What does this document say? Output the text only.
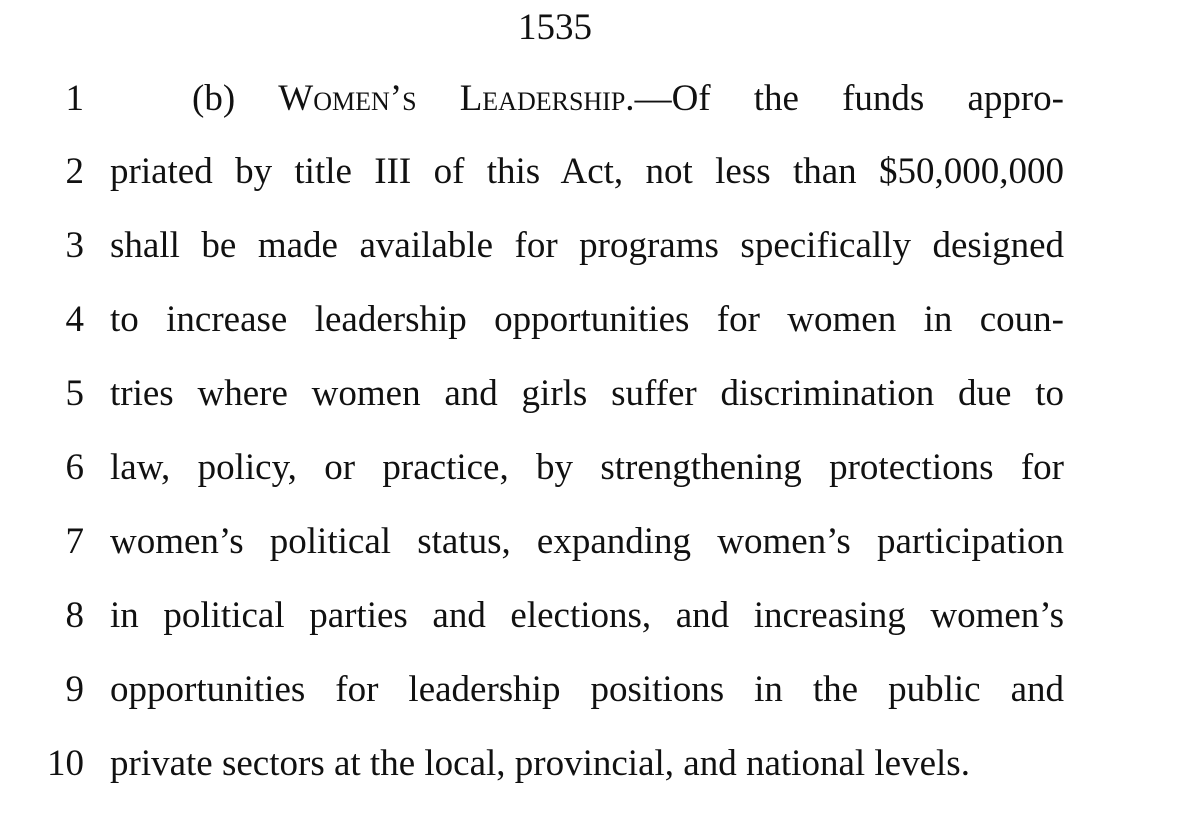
1535
1	(b) Women’s Leadership.—Of the funds appro-
2 priated by title III of this Act, not less than $50,000,000
3 shall be made available for programs specifically designed
4 to increase leadership opportunities for women in coun-
5 tries where women and girls suffer discrimination due to
6 law, policy, or practice, by strengthening protections for
7 women’s political status, expanding women’s participation
8 in political parties and elections, and increasing women’s
9 opportunities for leadership positions in the public and
10 private sectors at the local, provincial, and national levels.
